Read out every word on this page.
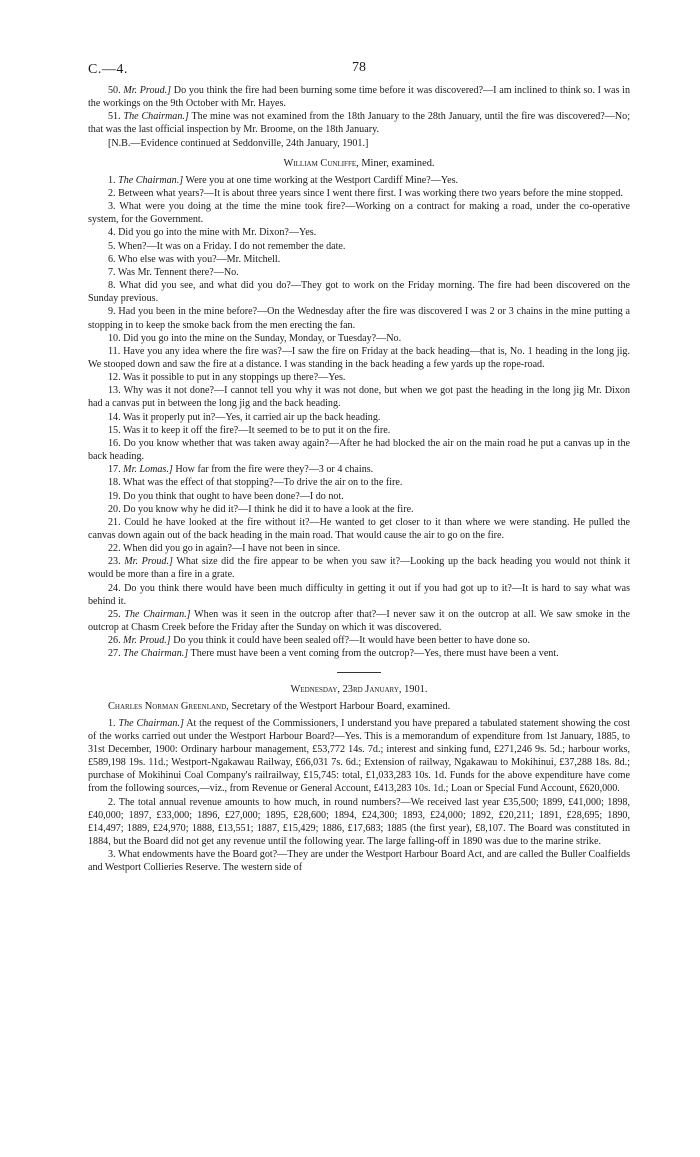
C.—4.	78

50. Mr. Proud.] Do you think the fire had been burning some time before it was discovered?—I am inclined to think so. I was in the workings on the 9th October with Mr. Hayes.

51. The Chairman.] The mine was not examined from the 18th January to the 28th January, until the fire was discovered?—No; that was the last official inspection by Mr. Broome, on the 18th January.

[N.B.—Evidence continued at Seddonville, 24th January, 1901.]

William Cunliffe, Miner, examined.

1. The Chairman.] Were you at one time working at the Westport Cardiff Mine?—Yes.

2. Between what years?—It is about three years since I went there first. I was working there two years before the mine stopped.

3. What were you doing at the time the mine took fire?—Working on a contract for making a road, under the co-operative system, for the Government.

4. Did you go into the mine with Mr. Dixon?—Yes.

5. When?—It was on a Friday. I do not remember the date.

6. Who else was with you?—Mr. Mitchell.

7. Was Mr. Tennent there?—No.

8. What did you see, and what did you do?—They got to work on the Friday morning. The fire had been discovered on the Sunday previous.

9. Had you been in the mine before?—On the Wednesday after the fire was discovered I was 2 or 3 chains in the mine putting a stopping in to keep the smoke back from the men erecting the fan.

10. Did you go into the mine on the Sunday, Monday, or Tuesday?—No.

11. Have you any idea where the fire was?—I saw the fire on Friday at the back heading—that is, No. 1 heading in the long jig. We stooped down and saw the fire at a distance. I was standing in the back heading a few yards up the rope-road.

12. Was it possible to put in any stoppings up there?—Yes.

13. Why was it not done?—I cannot tell you why it was not done, but when we got past the heading in the long jig Mr. Dixon had a canvas put in between the long jig and the back heading.

14. Was it properly put in?—Yes, it carried air up the back heading.

15. Was it to keep it off the fire?—It seemed to be to put it on the fire.

16. Do you know whether that was taken away again?—After he had blocked the air on the main road he put a canvas up in the back heading.

17. Mr. Lomas.] How far from the fire were they?—3 or 4 chains.

18. What was the effect of that stopping?—To drive the air on to the fire.

19. Do you think that ought to have been done?—I do not.

20. Do you know why he did it?—I think he did it to have a look at the fire.

21. Could he have looked at the fire without it?—He wanted to get closer to it than where we were standing. He pulled the canvas down again out of the back heading in the main road. That would cause the air to go on the fire.

22. When did you go in again?—I have not been in since.

23. Mr. Proud.] What size did the fire appear to be when you saw it?—Looking up the back heading you would not think it would be more than a fire in a grate.

24. Do you think there would have been much difficulty in getting it out if you had got up to it?—It is hard to say what was behind it.

25. The Chairman.] When was it seen in the outcrop after that?—I never saw it on the outcrop at all. We saw smoke in the outcrop at Chasm Creek before the Friday after the Sunday on which it was discovered.

26. Mr. Proud.] Do you think it could have been sealed off?—It would have been better to have done so.

27. The Chairman.] There must have been a vent coming from the outcrop?—Yes, there must have been a vent.

Wednesday, 23rd January, 1901.
Charles Norman Greenland, Secretary of the Westport Harbour Board, examined.

1. The Chairman.] At the request of the Commissioners, I understand you have prepared a tabulated statement showing the cost of the works carried out under the Westport Harbour Board?—Yes. This is a memorandum of expenditure from 1st January, 1885, to 31st December, 1900: Ordinary harbour management, £53,772 14s. 7d.; interest and sinking fund, £271,246 9s. 5d.; harbour works, £589,198 19s. 11d.; Westport-Ngakawau Railway, £66,031 7s. 6d.; Extension of railway, Ngakawau to Mokihinui, £37,288 18s. 8d.; purchase of Mokihinui Coal Company's railrailway, £15,745: total, £1,033,283 10s. 1d. Funds for the above expenditure have come from the following sources,—viz., from Revenue or General Account, £413,283 10s. 1d.; Loan or Special Fund Account, £620,000.

2. The total annual revenue amounts to how much, in round numbers?—We received last year £35,500; 1899, £41,000; 1898, £40,000; 1897, £33,000; 1896, £27,000; 1895, £28,600; 1894, £24,300; 1893, £24,000; 1892, £20,211; 1891, £28,695; 1890, £14,497; 1889, £24,970; 1888, £13,551; 1887, £15,429; 1886, £17,683; 1885 (the first year), £8,107. The Board was constituted in 1884, but the Board did not get any revenue until the following year. The large falling-off in 1890 was due to the marine strike.

3. What endowments have the Board got?—They are under the Westport Harbour Board Act, and are called the Buller Coalfields and Westport Collieries Reserve. The western side of
